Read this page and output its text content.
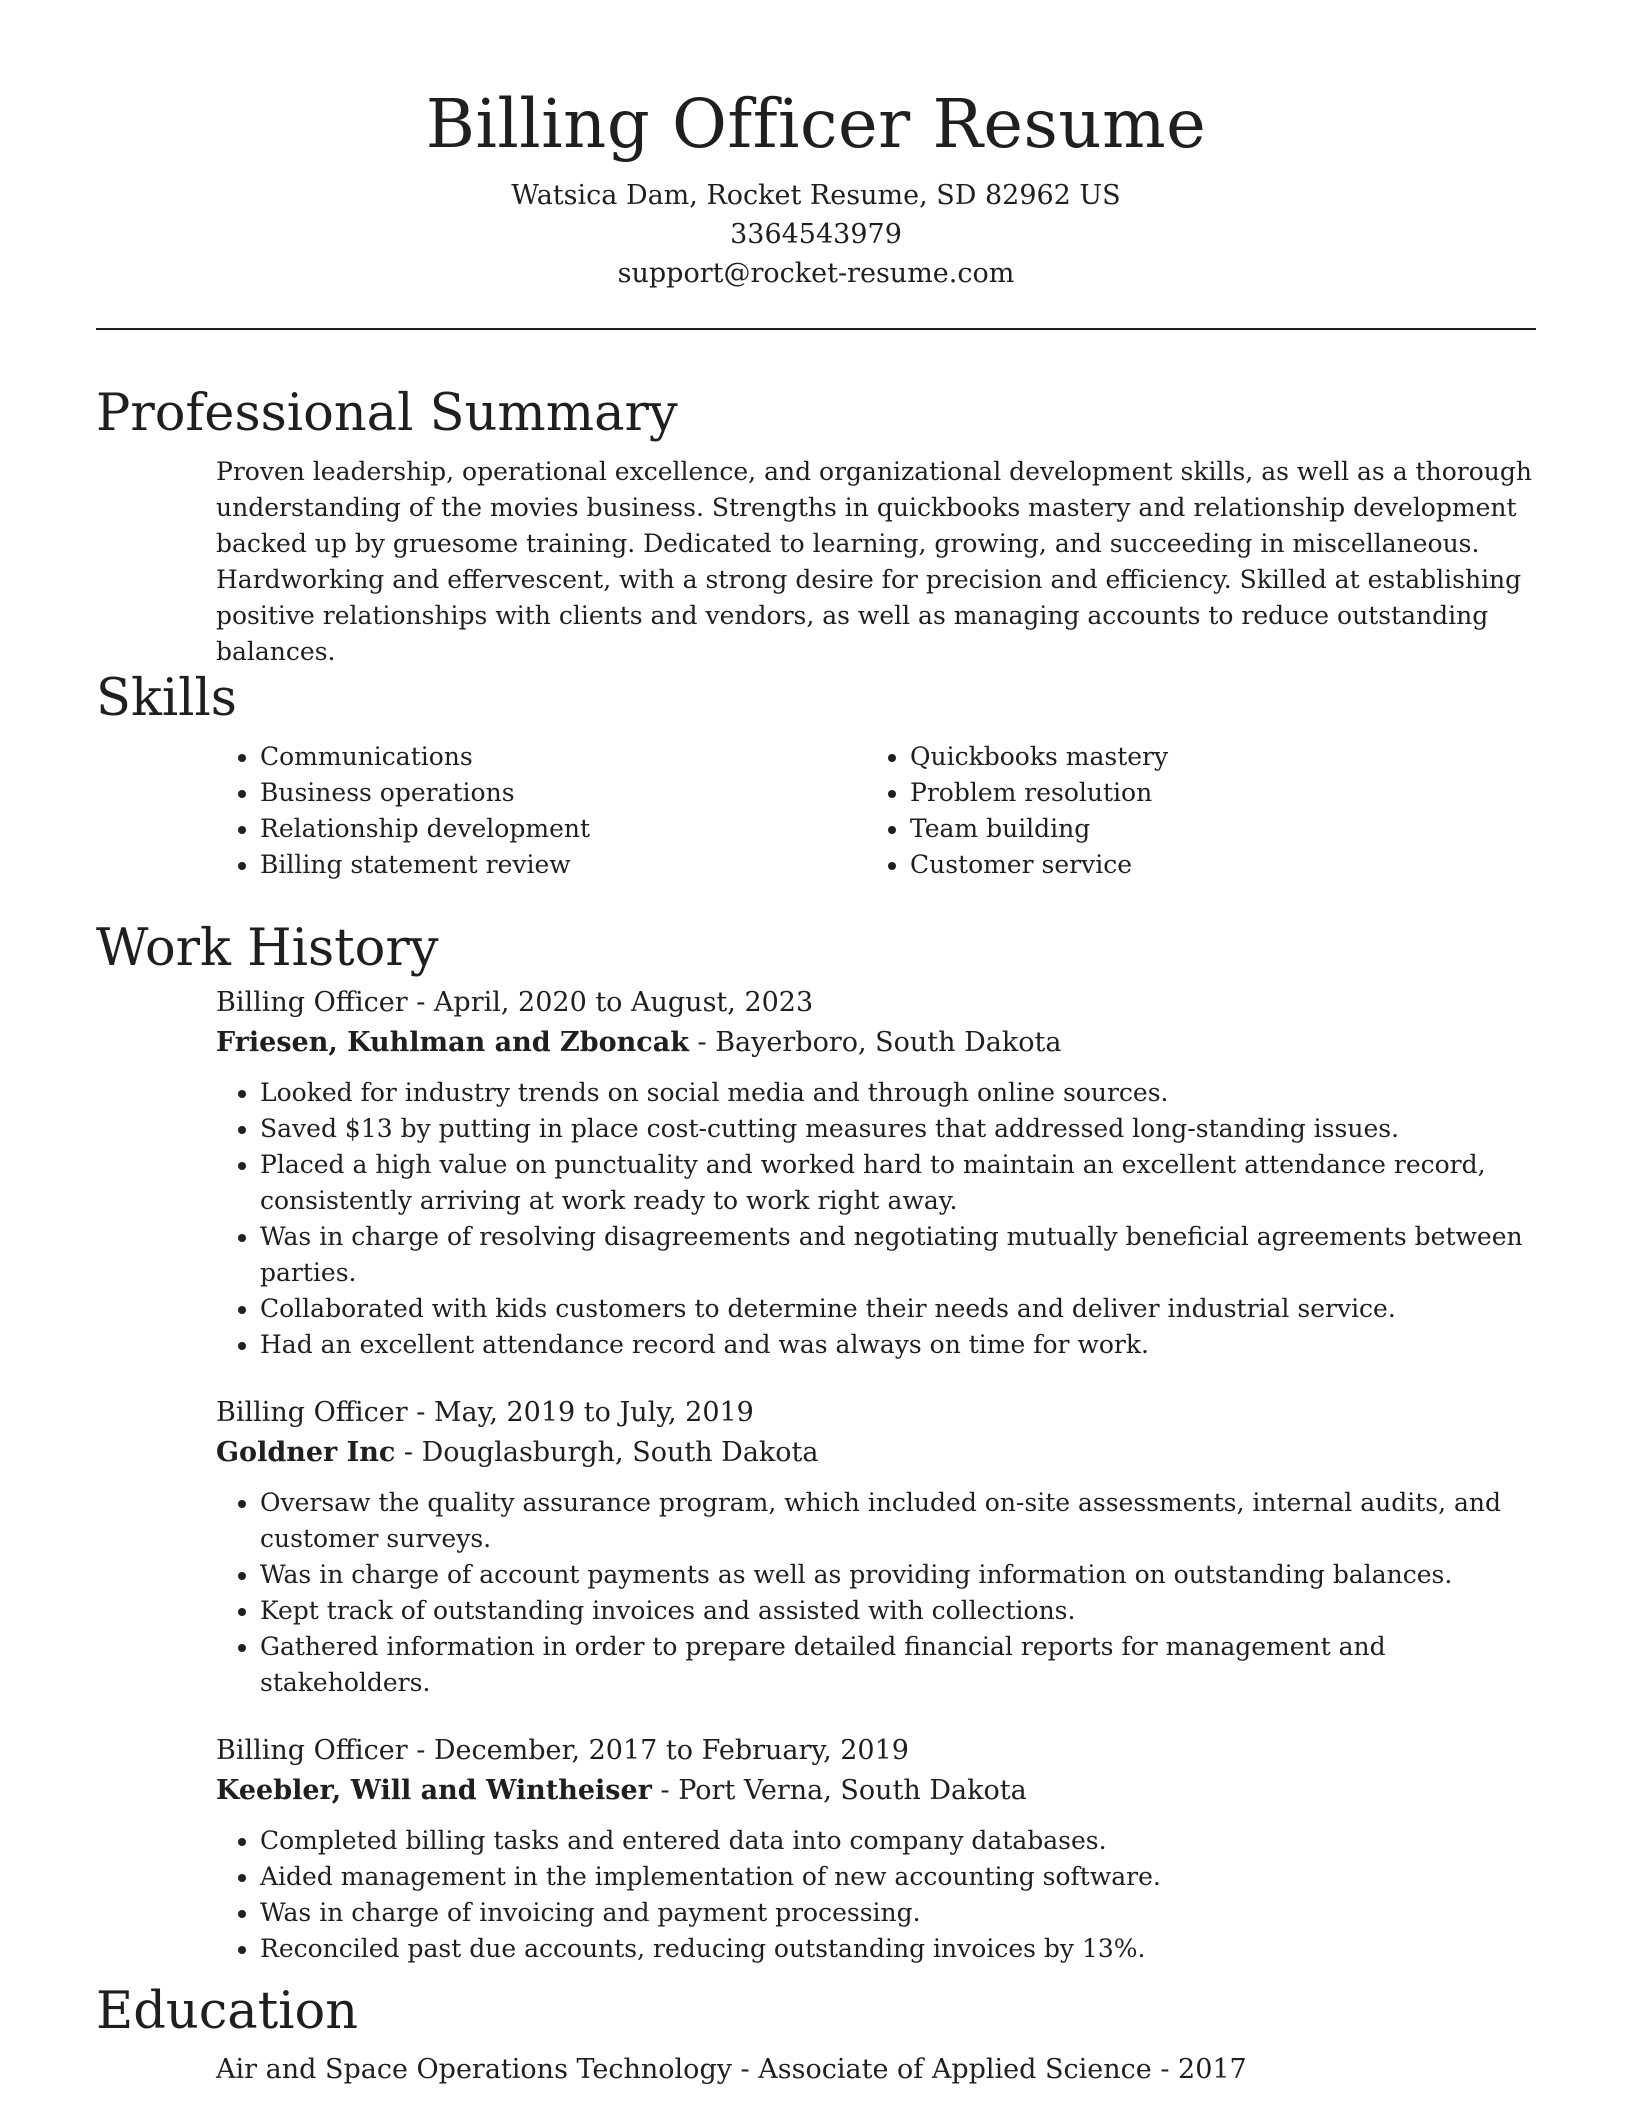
Billing Officer Resume

Watsica Dam, Rocket Resume, SD 82962 US

3364543979

support@rocket-resume.com

Professional Summary

Proven leadership, operational excellence, and organizational development skills, as well as a thorough understanding of the movies business. Strengths in quickbooks mastery and relationship development backed up by gruesome training. Dedicated to learning, growing, and succeeding in miscellaneous. Hardworking and effervescent, with a strong desire for precision and efficiency. Skilled at establishing positive relationships with clients and vendors, as well as managing accounts to reduce outstanding balances.

Skills
• Communications
• Business operations
• Relationship development
• Billing statement review
• Quickbooks mastery
• Problem resolution
• Team building
• Customer service
Work History

Billing Officer - April, 2020 to August, 2023

Friesen, Kuhlman and Zboncak - Bayerboro, South Dakota

• Looked for industry trends on social media and through online sources.
• Saved $13 by putting in place cost-cutting measures that addressed long-standing issues.
• Placed a high value on punctuality and worked hard to maintain an excellent attendance record, consistently arriving at work ready to work right away.
• Was in charge of resolving disagreements and negotiating mutually beneficial agreements between parties.
• Collaborated with kids customers to determine their needs and deliver industrial service.
• Had an excellent attendance record and was always on time for work.

Billing Officer - May, 2019 to July, 2019

Goldner Inc - Douglasburgh, South Dakota

• Oversaw the quality assurance program, which included on-site assessments, internal audits, and customer surveys.
• Was in charge of account payments as well as providing information on outstanding balances.
• Kept track of outstanding invoices and assisted with collections.
• Gathered information in order to prepare detailed financial reports for management and stakeholders.

Billing Officer - December, 2017 to February, 2019

Keebler, Will and Wintheiser - Port Verna, South Dakota

• Completed billing tasks and entered data into company databases.
• Aided management in the implementation of new accounting software.
• Was in charge of invoicing and payment processing.
• Reconciled past due accounts, reducing outstanding invoices by 13%.
Education

Air and Space Operations Technology - Associate of Applied Science - 2017
